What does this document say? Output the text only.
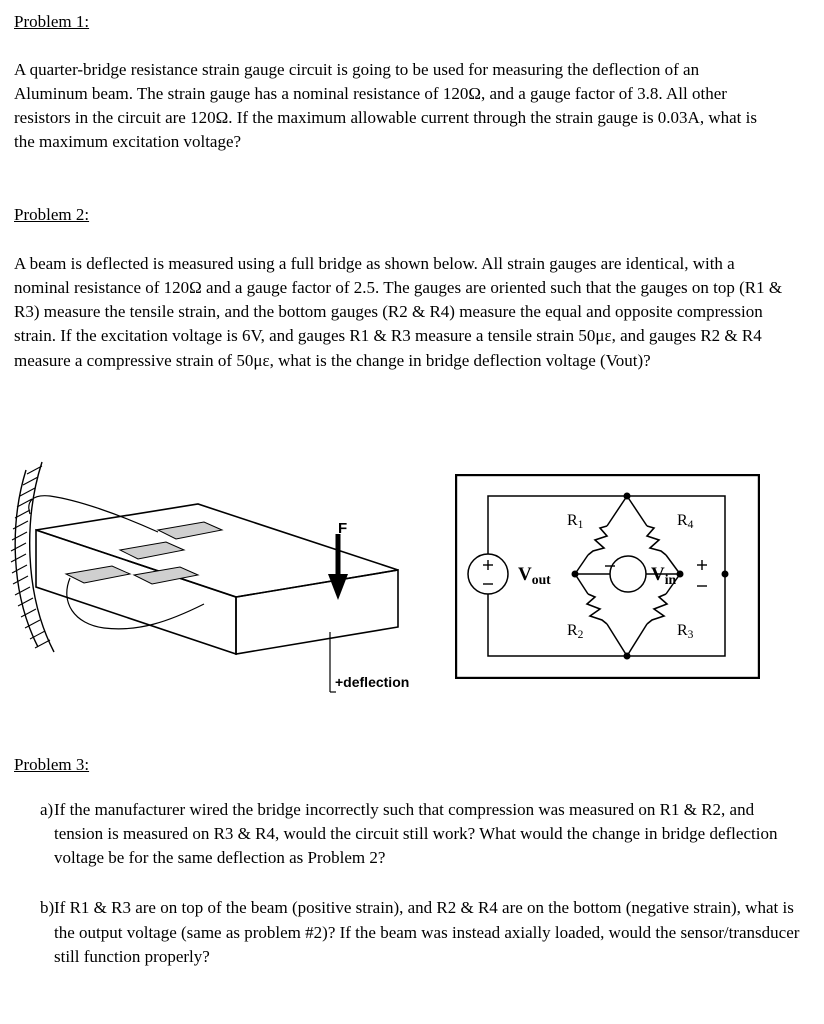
Problem 1:
A quarter-bridge resistance strain gauge circuit is going to be used for measuring the deflection of an Aluminum beam. The strain gauge has a nominal resistance of 120Ω, and a gauge factor of 3.8. All other resistors in the circuit are 120Ω. If the maximum allowable current through the strain gauge is 0.03A, what is the maximum excitation voltage?
Problem 2:
A beam is deflected is measured using a full bridge as shown below. All strain gauges are identical, with a nominal resistance of 120Ω and a gauge factor of 2.5. The gauges are oriented such that the gauges on top (R1 & R3) measure the tensile strain, and the bottom gauges (R2 & R4) measure the equal and opposite compression strain. If the excitation voltage is 6V, and gauges R1 & R3 measure a tensile strain 50με, and gauges R2 & R4 measure a compressive strain of 50με, what is the change in bridge deflection voltage (Vout)?
F
+deflection
$V_{out}$	$V_{in}$
$R_1$	$R_4$
$R_2$	$R_3$
Problem 3:
a) If the manufacturer wired the bridge incorrectly such that compression was measured on R1 & R2, and tension is measured on R3 & R4, would the circuit still work? What would the change in bridge deflection voltage be for the same deflection as Problem 2?
b) If R1 & R3 are on top of the beam (positive strain), and R2 & R4 are on the bottom (negative strain), what is the output voltage (same as problem #2)? If the beam was instead axially loaded, would the sensor/transducer still function properly?
